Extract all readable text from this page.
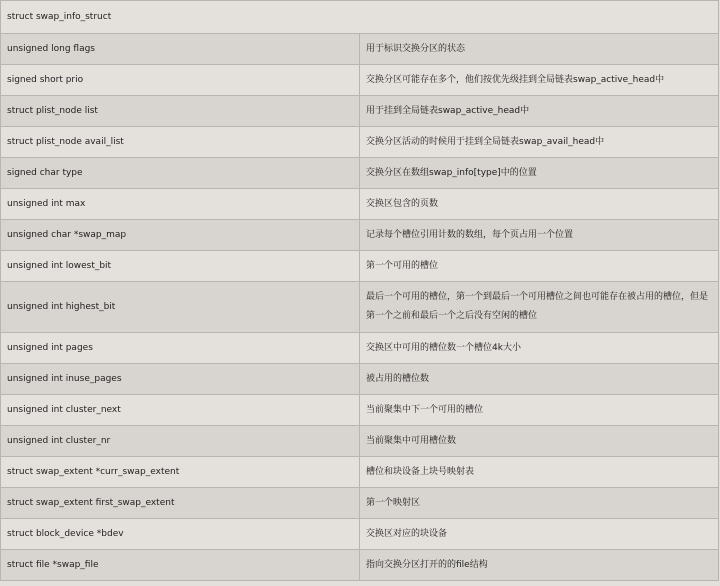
struct swap_info_struct	
unsigned long flags	用于标识交换分区的状态
signed short prio	交换分区可能存在多个，他们按优先级挂到全局链表swap_active_head中
struct plist_node list	用于挂到全局链表swap_active_head中
struct plist_node avail_list	交换分区活动的时候用于挂到全局链表swap_avail_head中
signed char type	交换分区在数组swap_info[type]中的位置
unsigned int max	交换区包含的页数
unsigned char *swap_map	记录每个槽位引用计数的数组，每个页占用一个位置
unsigned int lowest_bit	第一个可用的槽位
unsigned int highest_bit	最后一个可用的槽位，第一个到最后一个可用槽位之间也可能存在被占用的槽位，但是第一个之前和最后一个之后没有空闲的槽位
unsigned int pages	交换区中可用的槽位数一个槽位4k大小
unsigned int inuse_pages	被占用的槽位数
unsigned int cluster_next	当前聚集中下一个可用的槽位
unsigned int cluster_nr	当前聚集中可用槽位数
struct swap_extent *curr_swap_extent	槽位和块设备上块号映射表
struct swap_extent first_swap_extent	第一个映射区
struct block_device *bdev	交换区对应的块设备
struct file *swap_file	指向交换分区打开的的file结构
